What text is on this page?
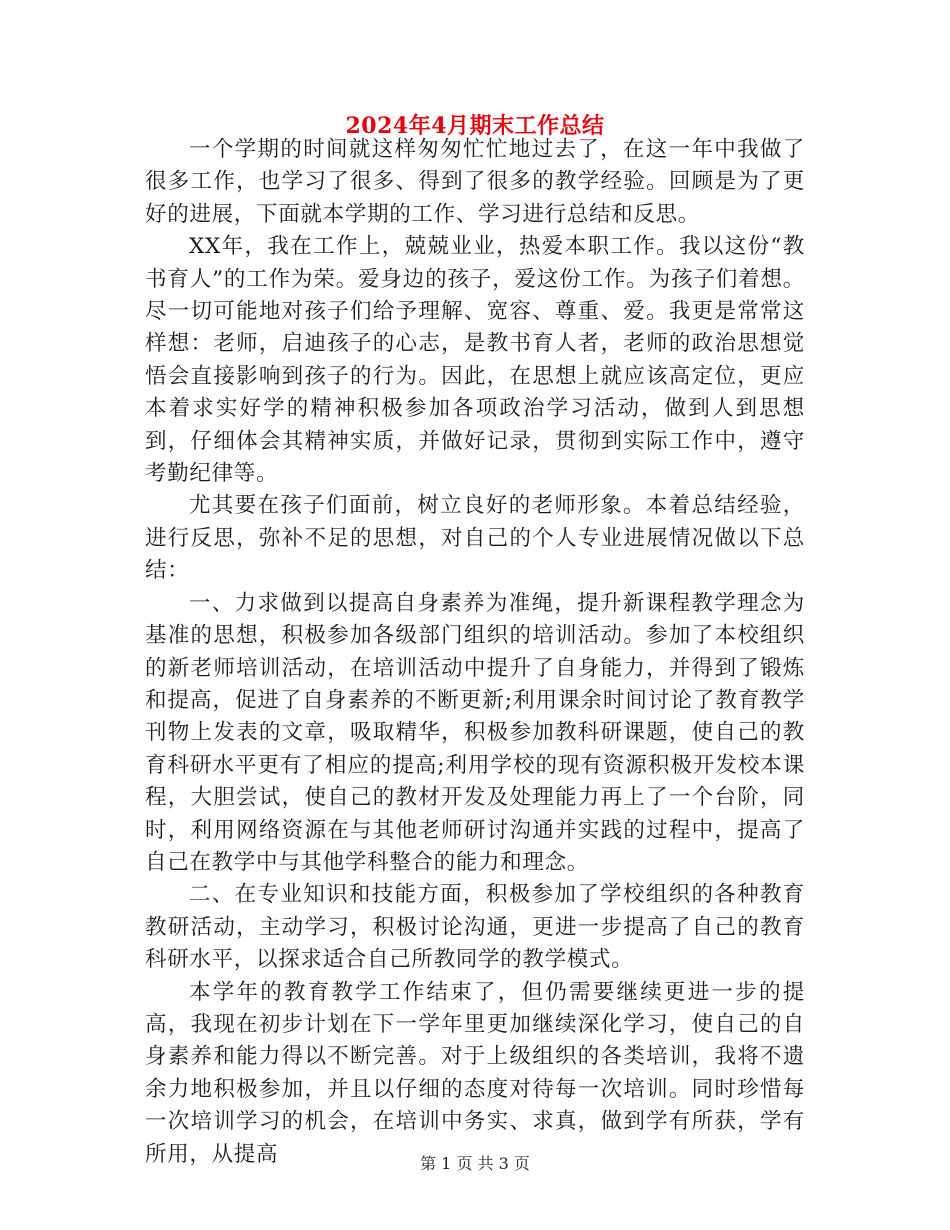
2024年4月期末工作总结

一个学期的时间就这样匆匆忙忙地过去了，在这一年中我做了很多工作，也学习了很多、得到了很多的教学经验。回顾是为了更好的进展，下面就本学期的工作、学习进行总结和反思。

XX年，我在工作上，兢兢业业，热爱本职工作。我以这份“教书育人”的工作为荣。爱身边的孩子，爱这份工作。为孩子们着想。尽一切可能地对孩子们给予理解、宽容、尊重、爱。我更是常常这样想：老师，启迪孩子的心志，是教书育人者，老师的政治思想觉悟会直接影响到孩子的行为。因此，在思想上就应该高定位，更应本着求实好学的精神积极参加各项政治学习活动，做到人到思想到，仔细体会其精神实质，并做好记录，贯彻到实际工作中，遵守考勤纪律等。

尤其要在孩子们面前，树立良好的老师形象。本着总结经验，进行反思，弥补不足的思想，对自己的个人专业进展情况做以下总结：

一、力求做到以提高自身素养为准绳，提升新课程教学理念为基准的思想，积极参加各级部门组织的培训活动。参加了本校组织的新老师培训活动，在培训活动中提升了自身能力，并得到了锻炼和提高，促进了自身素养的不断更新;利用课余时间讨论了教育教学刊物上发表的文章，吸取精华，积极参加教科研课题，使自己的教育科研水平更有了相应的提高;利用学校的现有资源积极开发校本课程，大胆尝试，使自己的教材开发及处理能力再上了一个台阶，同时，利用网络资源在与其他老师研讨沟通并实践的过程中，提高了自己在教学中与其他学科整合的能力和理念。

二、在专业知识和技能方面，积极参加了学校组织的各种教育教研活动，主动学习，积极讨论沟通，更进一步提高了自己的教育科研水平，以探求适合自己所教同学的教学模式。

本学年的教育教学工作结束了，但仍需要继续更进一步的提高，我现在初步计划在下一学年里更加继续深化学习，使自己的自身素养和能力得以不断完善。对于上级组织的各类培训，我将不遗余力地积极参加，并且以仔细的态度对待每一次培训。同时珍惜每一次培训学习的机会，在培训中务实、求真，做到学有所获，学有所用，从提高	第 1 页 共 3 页
